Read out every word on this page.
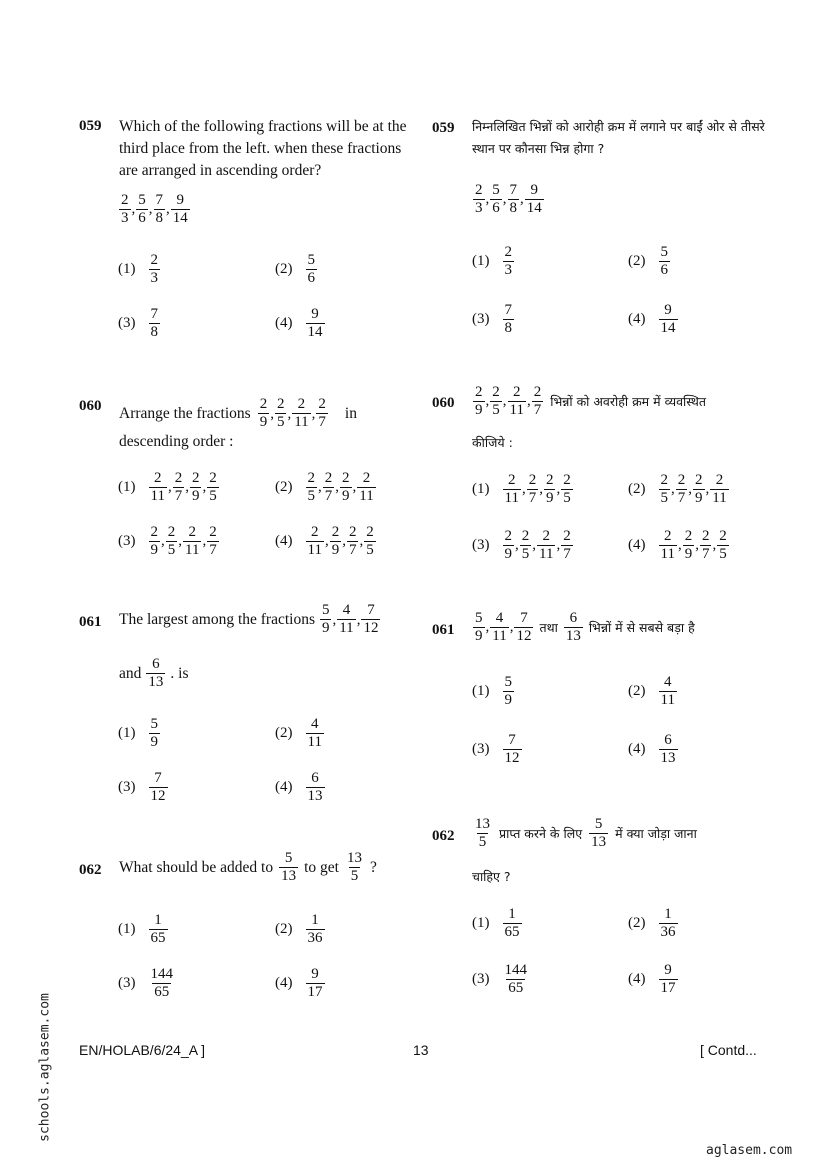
059 Which of the following fractions will be at the third place from the left. when these fractions are arranged in ascending order?
$\frac{2}{3}$ , $\frac{5}{6}$ , $\frac{7}{8}$ , $\frac{9}{14}$
$(1) \frac{2}{3}$	$(2) \frac{5}{6}$
$(3) \frac{7}{8}$	$(4) \frac{9}{14}$
059 निम्नलिखित भिन्नों को आरोही क्रम में लगाने पर बाईं ओर से तीसरे स्थान पर कौनसा भिन्न होगा ?
$\frac{2}{3}$ , $\frac{5}{6}$ , $\frac{7}{8}$ , $\frac{9}{14}$
$(1) \frac{2}{3}$	$(2) \frac{5}{6}$
$(3) \frac{7}{8}$	$(4) \frac{9}{14}$
060 Arrange the fractions $\frac{2}{9}$ , $\frac{2}{5}$ , $\frac{2}{11}$ , $\frac{2}{7}$ in
descending order :
$(1) \frac{2}{11}$ , $\frac{2}{7}$ , $\frac{2}{9}$ , $\frac{2}{5}$	$(2) \frac{2}{5}$ , $\frac{2}{7}$ , $\frac{2}{9}$ , $\frac{2}{11}$
$(3) \frac{2}{9}$ , $\frac{2}{5}$ , $\frac{2}{11}$ , $\frac{2}{7}$	$(4) \frac{2}{11}$ , $\frac{2}{9}$ , $\frac{2}{7}$ , $\frac{2}{5}$
$060 \frac{2}{9}$ , $\frac{2}{5}$ , $\frac{2}{11}$ , $\frac{2}{7}$ भिन्नों को अवरोही क्रम में व्यवस्थित
कीजिये :
$(1) \frac{2}{11}$ , $\frac{2}{7}$ , $\frac{2}{9}$ , $\frac{2}{5}$	$(2) \frac{2}{5}$ , $\frac{2}{7}$ , $\frac{2}{9}$ , $\frac{2}{11}$
$(3) \frac{2}{9}$ , $\frac{2}{5}$ , $\frac{2}{11}$ , $\frac{2}{7}$	$(4) \frac{2}{11}$ , $\frac{2}{9}$ , $\frac{2}{7}$ , $\frac{2}{5}$
061 The largest among the fractions $\frac{5}{9}$ , $\frac{4}{11}$ , $\frac{7}{12}$
and $\frac{6}{13}$ . is
$(1) \frac{5}{9}$	$(2) \frac{4}{11}$
$(3) \frac{7}{12}$	$(4) \frac{6}{13}$
$061 \frac{5}{9}$ , $\frac{4}{11}$ , $\frac{7}{12}$ तथा $\frac{6}{13}$ भिन्नों में से सबसे बड़ा है
$(1) \frac{5}{9}$	$(2) \frac{4}{11}$
$(3) \frac{7}{12}$	$(4) \frac{6}{13}$
062 What should be added to $\frac{5}{13}$ to get $\frac{13}{5}$ ?
$(1) \frac{1}{65}$	$(2) \frac{1}{36}$
$(3) \frac{144}{65}$	$(4) \frac{9}{17}$
$062 \frac{13}{5}$ प्राप्त करने के लिए $\frac{5}{13}$ में क्या जोड़ा जाना
चाहिए ?
$(1) \frac{1}{65}$	$(2) \frac{1}{36}$
$(3) \frac{144}{65}$	$(4) \frac{9}{17}$
EN/HOLAB/6/24_A ]	13	[ Contd...
schools.aglasem.com
aglasem.com
